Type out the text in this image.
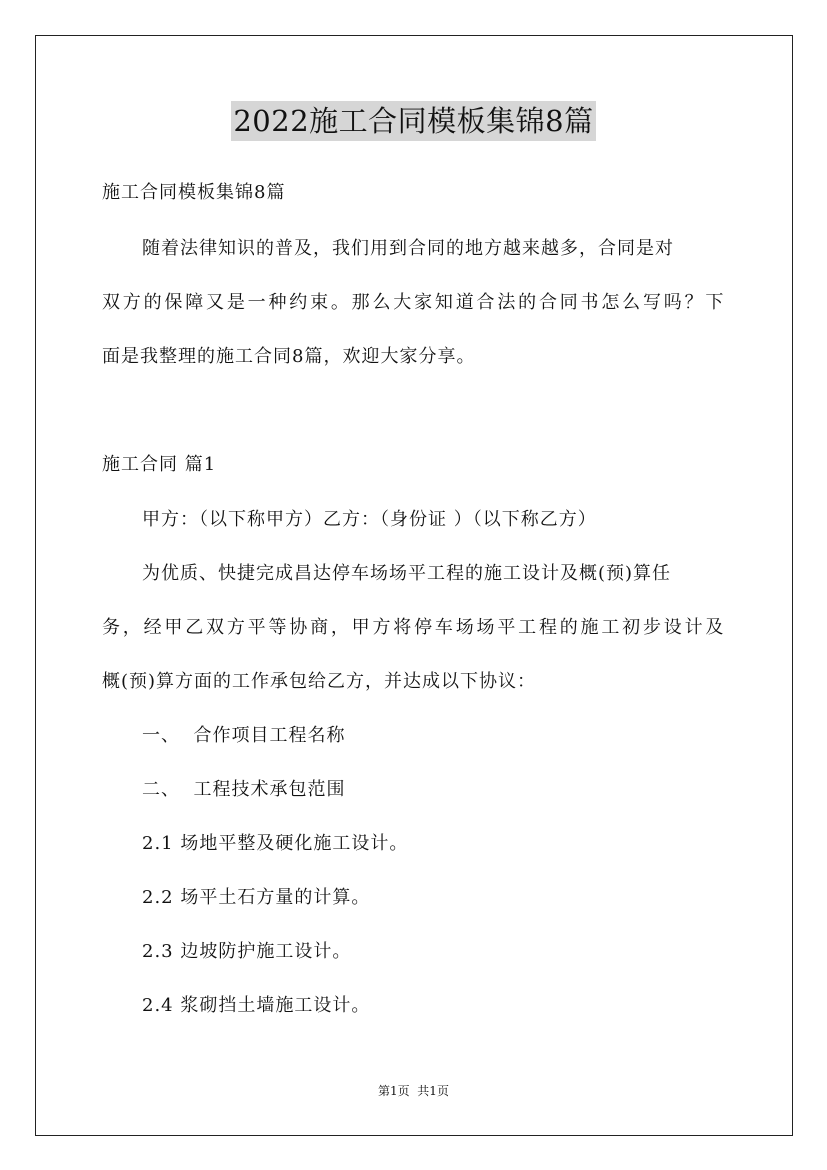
2022施工合同模板集锦8篇
施工合同模板集锦8篇
随着法律知识的普及，我们用到合同的地方越来越多，合同是对
双方的保障又是一种约束。那么大家知道合法的合同书怎么写吗？下
面是我整理的施工合同8篇，欢迎大家分享。
施工合同 篇1
甲方：（以下称甲方）乙方：（身份证 ）（以下称乙方）
为优质、快捷完成昌达停车场场平工程的施工设计及概(预)算任
务，经甲乙双方平等协商，甲方将停车场场平工程的施工初步设计及
概(预)算方面的工作承包给乙方，并达成以下协议：
一、  合作项目工程名称
二、  工程技术承包范围
2.1 场地平整及硬化施工设计。
2.2 场平土石方量的计算。
2.3 边坡防护施工设计。
2.4 浆砌挡土墙施工设计。
第1页  共1页
